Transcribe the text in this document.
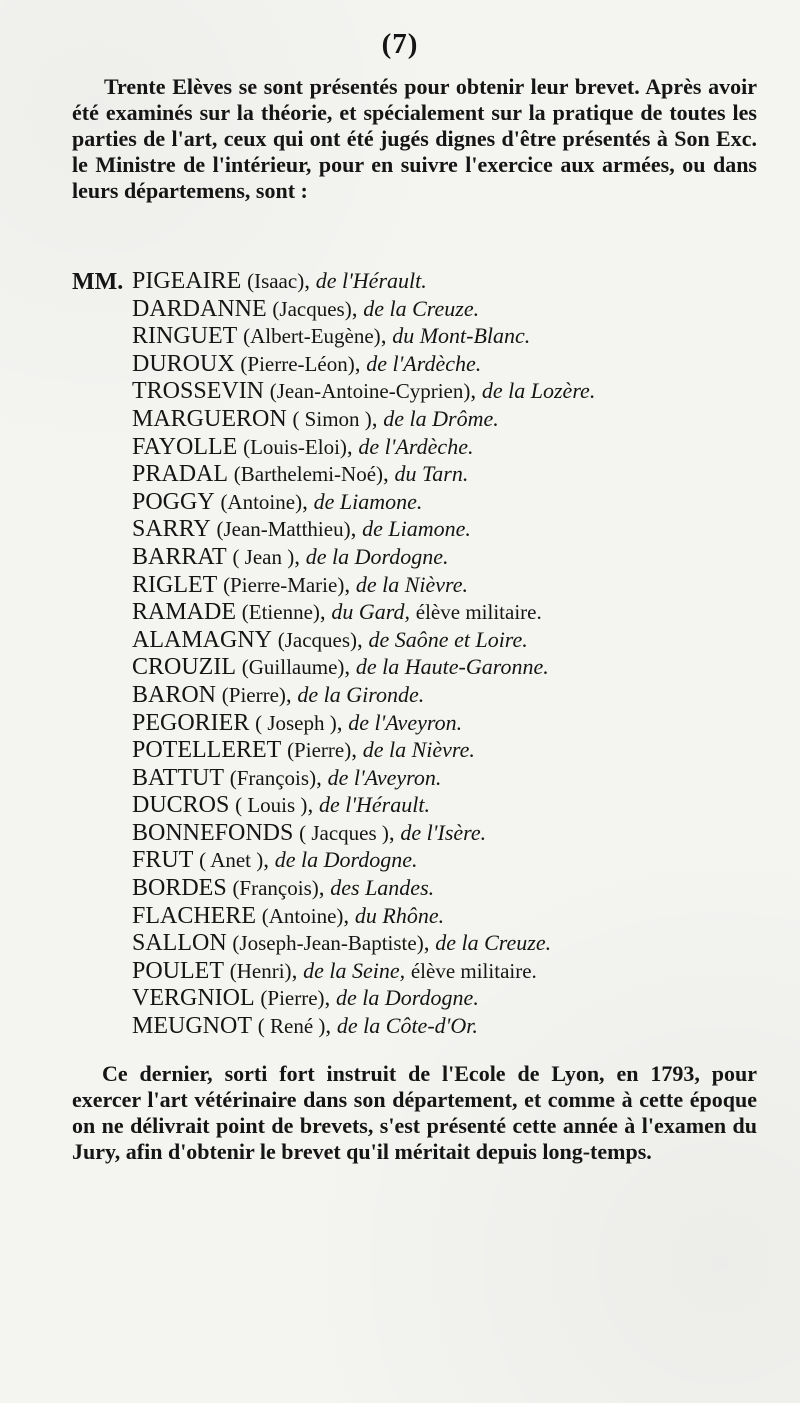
(7)

Trente Elèves se sont présentés pour obtenir leur brevet. Après avoir été examinés sur la théorie, et spécialement sur la pratique de toutes les parties de l'art, ceux qui ont été jugés dignes d'être présentés à Son Exc. le Ministre de l'intérieur, pour en suivre l'exercice aux armées, ou dans leurs départemens, sont :

MM. PIGEAIRE (Isaac), de l'Hérault.
DARDANNE (Jacques), de la Creuze.
RINGUET (Albert-Eugène), du Mont-Blanc.
DUROUX (Pierre-Léon), de l'Ardèche.
TROSSEVIN (Jean-Antoine-Cyprien), de la Lozère.
MARGUERON ( Simon ), de la Drôme.
FAYOLLE (Louis-Eloi), de l'Ardèche.
PRADAL (Barthelemi-Noé), du Tarn.
POGGY (Antoine), de Liamone.
SARRY (Jean-Matthieu), de Liamone.
BARRAT ( Jean ), de la Dordogne.
RIGLET (Pierre-Marie), de la Nièvre.
RAMADE (Etienne), du Gard, élève militaire.
ALAMAGNY (Jacques), de Saône et Loire.
CROUZIL (Guillaume), de la Haute-Garonne.
BARON (Pierre), de la Gironde.
PEGORIER ( Joseph ), de l'Aveyron.
POTELLERET (Pierre), de la Nièvre.
BATTUT (François), de l'Aveyron.
DUCROS ( Louis ), de l'Hérault.
BONNEFONDS ( Jacques ), de l'Isère.
FRUT ( Anet ), de la Dordogne.
BORDES (François), des Landes.
FLACHERE (Antoine), du Rhône.
SALLON (Joseph-Jean-Baptiste), de la Creuze.
POULET (Henri), de la Seine, élève militaire.
VERGNIOL (Pierre), de la Dordogne.
MEUGNOT ( René ), de la Côte-d'Or.

Ce dernier, sorti fort instruit de l'Ecole de Lyon, en 1793, pour exercer l'art vétérinaire dans son département, et comme à cette époque on ne délivrait point de brevets, s'est présenté cette année à l'examen du Jury, afin d'obtenir le brevet qu'il méritait depuis long-temps.
